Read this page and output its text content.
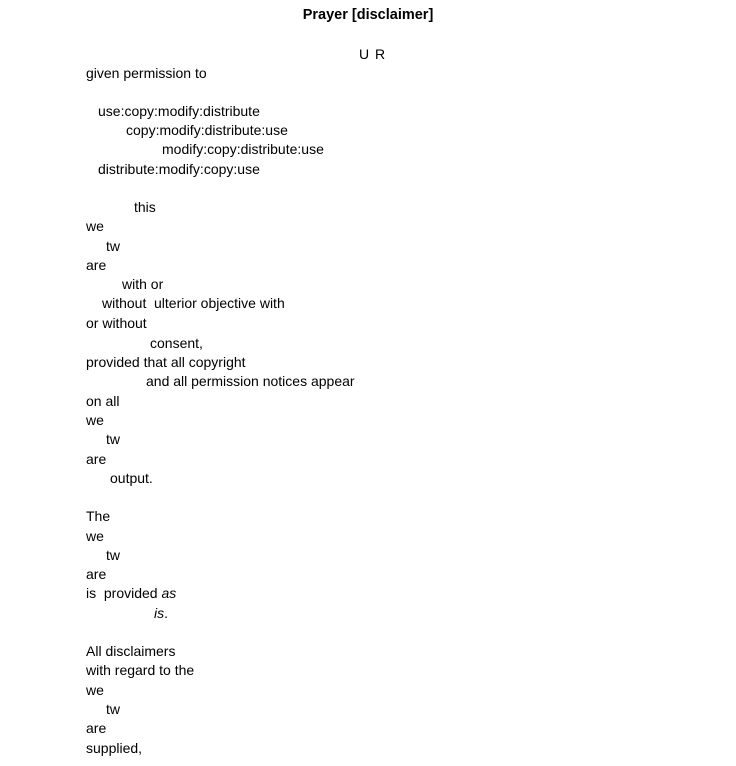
Prayer [disclaimer]
U R
given permission to
use:copy:modify:distribute
copy:modify:distribute:use
modify:copy:distribute:use
distribute:modify:copy:use
this
we
tw
are
with or
without ulterior objective with
or without
consent,
provided that all copyright
and all permission notices appear
on all
we
tw
are
output.
The
we
tw
are
is  provided as
is.
All disclaimers
with regard to the
we
tw
are
supplied,
